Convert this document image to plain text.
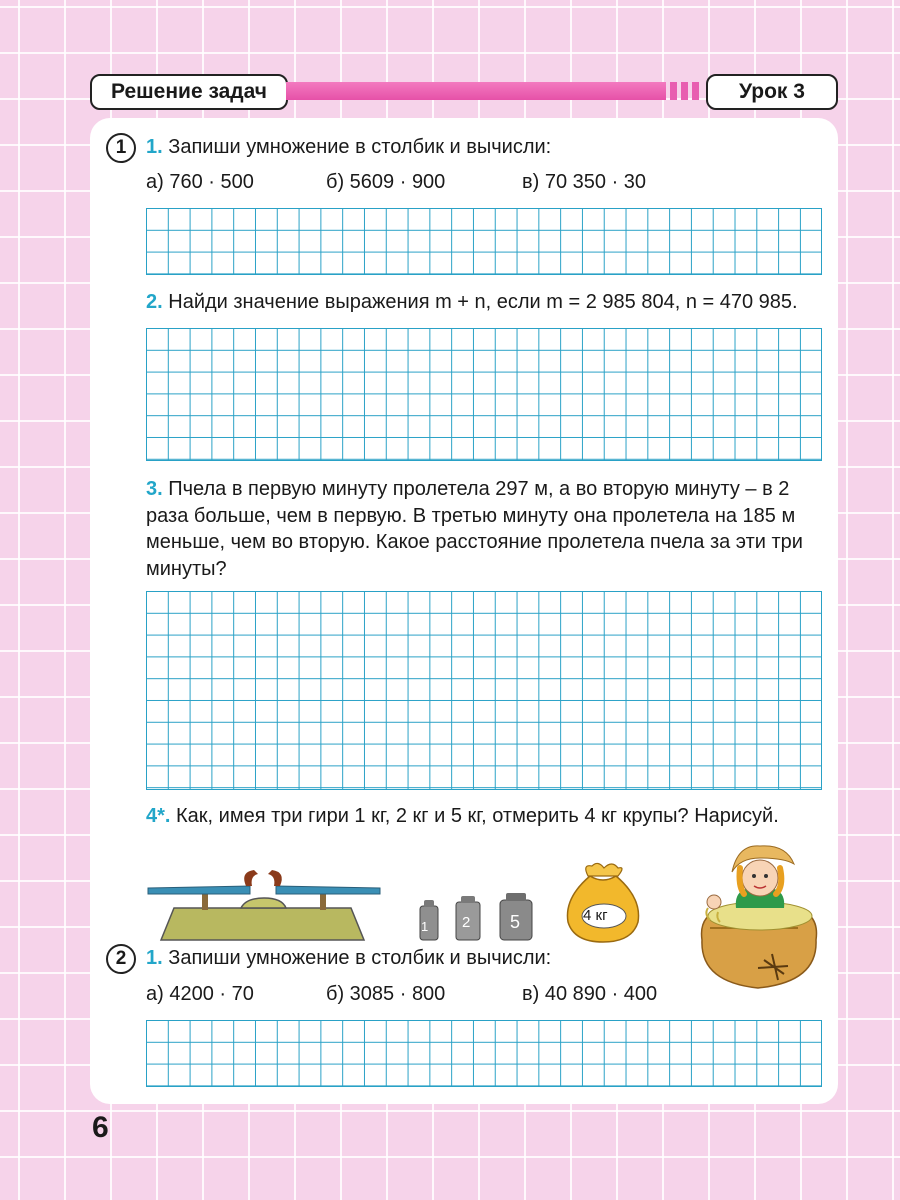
Решение задач	Урок 3
1 1. Запиши умножение в столбик и вычисли:
а) 760 · 500	б) 5609 · 900	в) 70 350 · 30
2. Найди значение выражения m + n, если m = 2 985 804, n = 470 985.
3. Пчела в первую минуту пролетела 297 м, а во вторую минуту – в 2 раза больше, чем в первую. В третью минуту она пролетела на 185 м меньше, чем во вторую. Какое расстояние пролетела пчела за эти три минуты?
4*. Как, имея три гири 1 кг, 2 кг и 5 кг, отмерить 4 кг крупы? Нарисуй.
1 2 5	4 кг
2 1. Запиши умножение в столбик и вычисли:
а) 4200 · 70	б) 3085 · 800	в) 40 890 · 400
6
